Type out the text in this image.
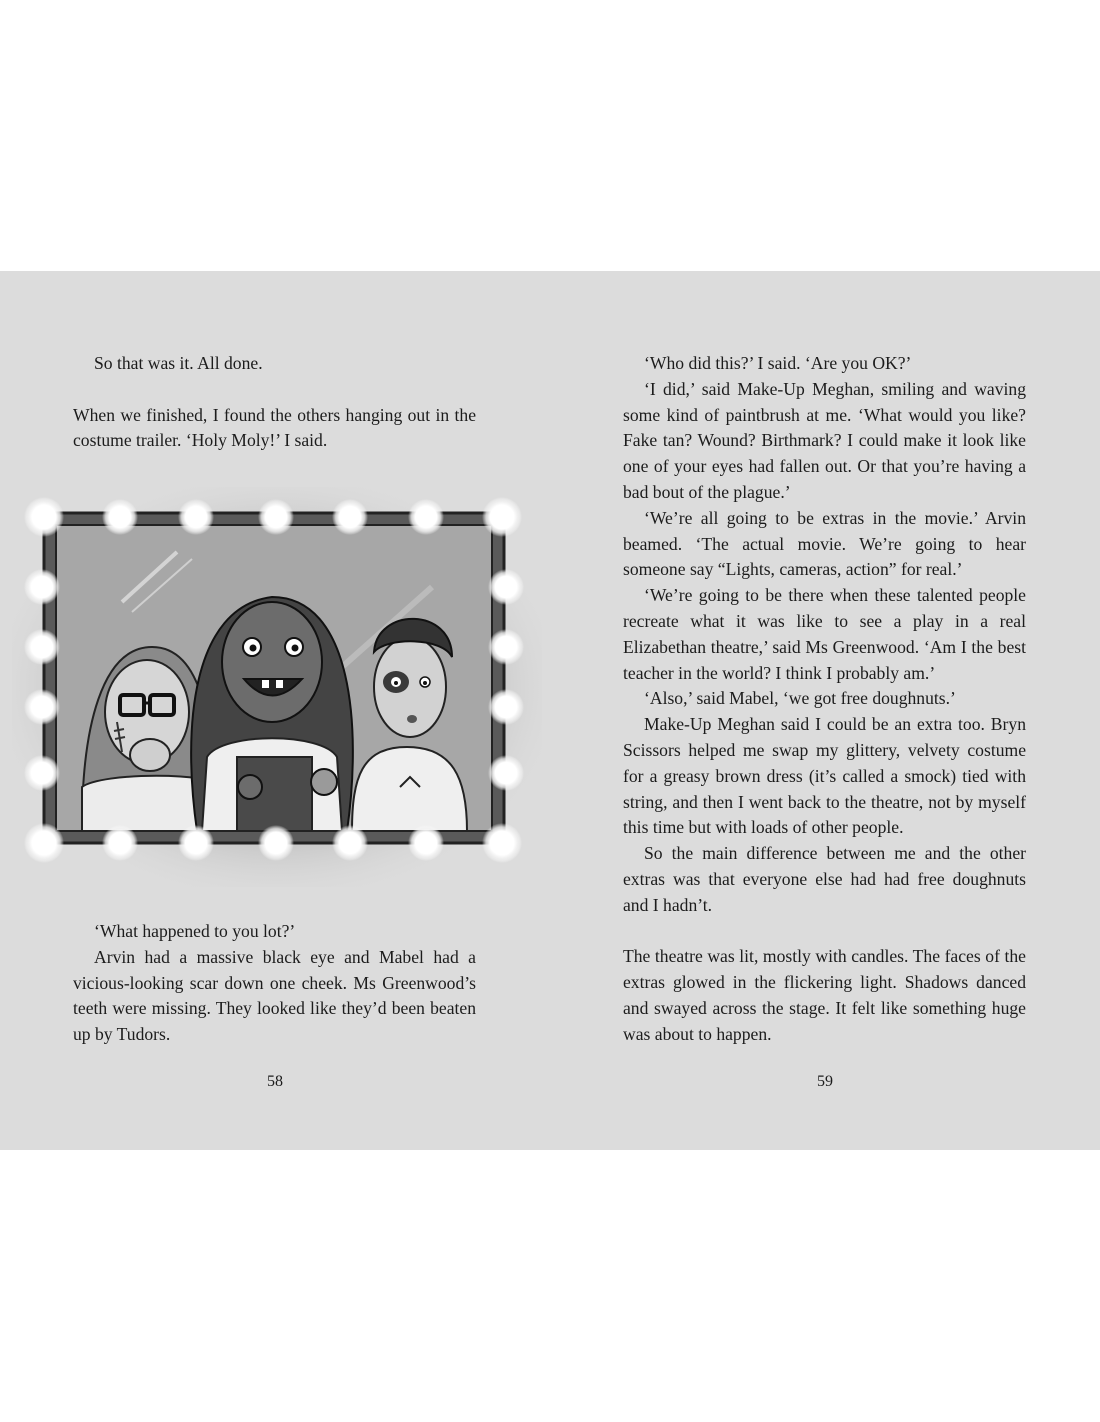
So that was it. All done.

When we finished, I found the others hanging out in the costume trailer. ‘Holy Moly!’ I said.

‘What happened to you lot?’

Arvin had a massive black eye and Mabel had a vicious-looking scar down one cheek. Ms Greenwood’s teeth were missing. They looked like they’d been beaten up by Tudors.

58

‘Who did this?’ I said. ‘Are you OK?’

‘I did,’ said Make-Up Meghan, smiling and waving some kind of paintbrush at me. ‘What would you like? Fake tan? Wound? Birthmark? I could make it look like one of your eyes had fallen out. Or that you’re having a bad bout of the plague.’

‘We’re all going to be extras in the movie.’ Arvin beamed. ‘The actual movie. We’re going to hear someone say “Lights, cameras, action” for real.’

‘We’re going to be there when these talented people recreate what it was like to see a play in a real Elizabethan theatre,’ said Ms Greenwood. ‘Am I the best teacher in the world? I think I probably am.’

‘Also,’ said Mabel, ‘we got free doughnuts.’

Make-Up Meghan said I could be an extra too. Bryn Scissors helped me swap my glittery, velvety costume for a greasy brown dress (it’s called a smock) tied with string, and then I went back to the theatre, not by myself this time but with loads of other people.

So the main difference between me and the other extras was that everyone else had had free doughnuts and I hadn’t.

The theatre was lit, mostly with candles. The faces of the extras glowed in the flickering light. Shadows danced and swayed across the stage. It felt like something huge was about to happen.

59
